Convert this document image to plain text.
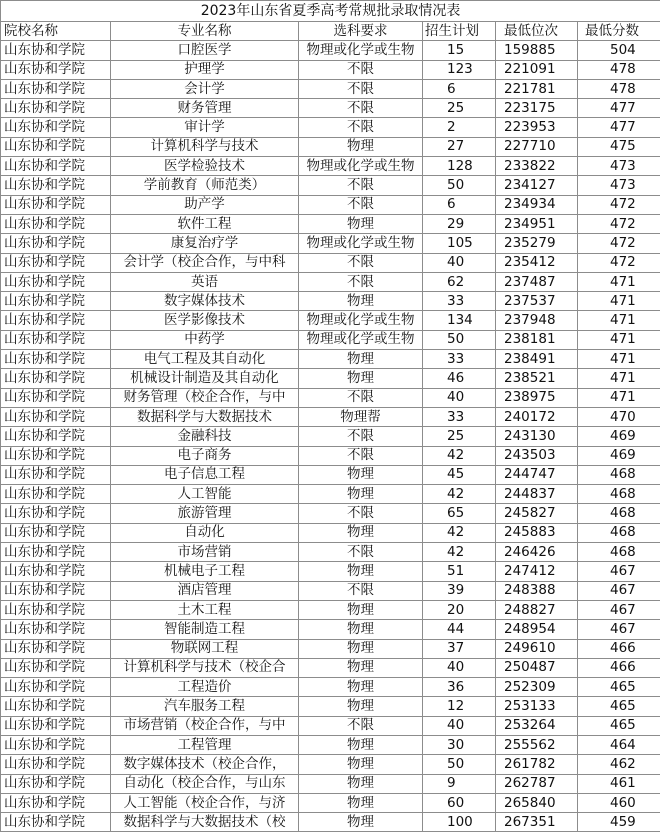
2023年山东省夏季高考常规批录取情况表					
院校名称	专业名称	选科要求	招生计划	最低位次	最低分数
山东协和学院	口腔医学	物理或化学或生物	15	159885	504
山东协和学院	护理学	不限	123	221091	478
山东协和学院	会计学	不限	6	221781	478
山东协和学院	财务管理	不限	25	223175	477
山东协和学院	审计学	不限	2	223953	477
山东协和学院	计算机科学与技术	物理	27	227710	475
山东协和学院	医学检验技术	物理或化学或生物	128	233822	473
山东协和学院	学前教育（师范类）	不限	50	234127	473
山东协和学院	助产学	不限	6	234934	472
山东协和学院	软件工程	物理	29	234951	472
山东协和学院	康复治疗学	物理或化学或生物	105	235279	472
山东协和学院	会计学（校企合作，与中科	不限	40	235412	472
山东协和学院	英语	不限	62	237487	471
山东协和学院	数字媒体技术	物理	33	237537	471
山东协和学院	医学影像技术	物理或化学或生物	134	237948	471
山东协和学院	中药学	物理或化学或生物	50	238181	471
山东协和学院	电气工程及其自动化	物理	33	238491	471
山东协和学院	机械设计制造及其自动化	物理	46	238521	471
山东协和学院	财务管理（校企合作，与中	不限	40	238975	471
山东协和学院	数据科学与大数据技术	物理帮	33	240172	470
山东协和学院	金融科技	不限	25	243130	469
山东协和学院	电子商务	不限	42	243503	469
山东协和学院	电子信息工程	物理	45	244747	468
山东协和学院	人工智能	物理	42	244837	468
山东协和学院	旅游管理	不限	65	245827	468
山东协和学院	自动化	物理	42	245883	468
山东协和学院	市场营销	不限	42	246426	468
山东协和学院	机械电子工程	物理	51	247412	467
山东协和学院	酒店管理	不限	39	248388	467
山东协和学院	土木工程	物理	20	248827	467
山东协和学院	智能制造工程	物理	44	248954	467
山东协和学院	物联网工程	物理	37	249610	466
山东协和学院	计算机科学与技术（校企合	物理	40	250487	466
山东协和学院	工程造价	物理	36	252309	465
山东协和学院	汽车服务工程	物理	12	253133	465
山东协和学院	市场营销（校企合作，与中	不限	40	253264	465
山东协和学院	工程管理	物理	30	255562	464
山东协和学院	数字媒体技术（校企合作，	物理	50	261782	462
山东协和学院	自动化（校企合作，与山东	物理	9	262787	461
山东协和学院	人工智能（校企合作，与济	物理	60	265840	460
山东协和学院	数据科学与大数据技术（校	物理	100	267351	459
